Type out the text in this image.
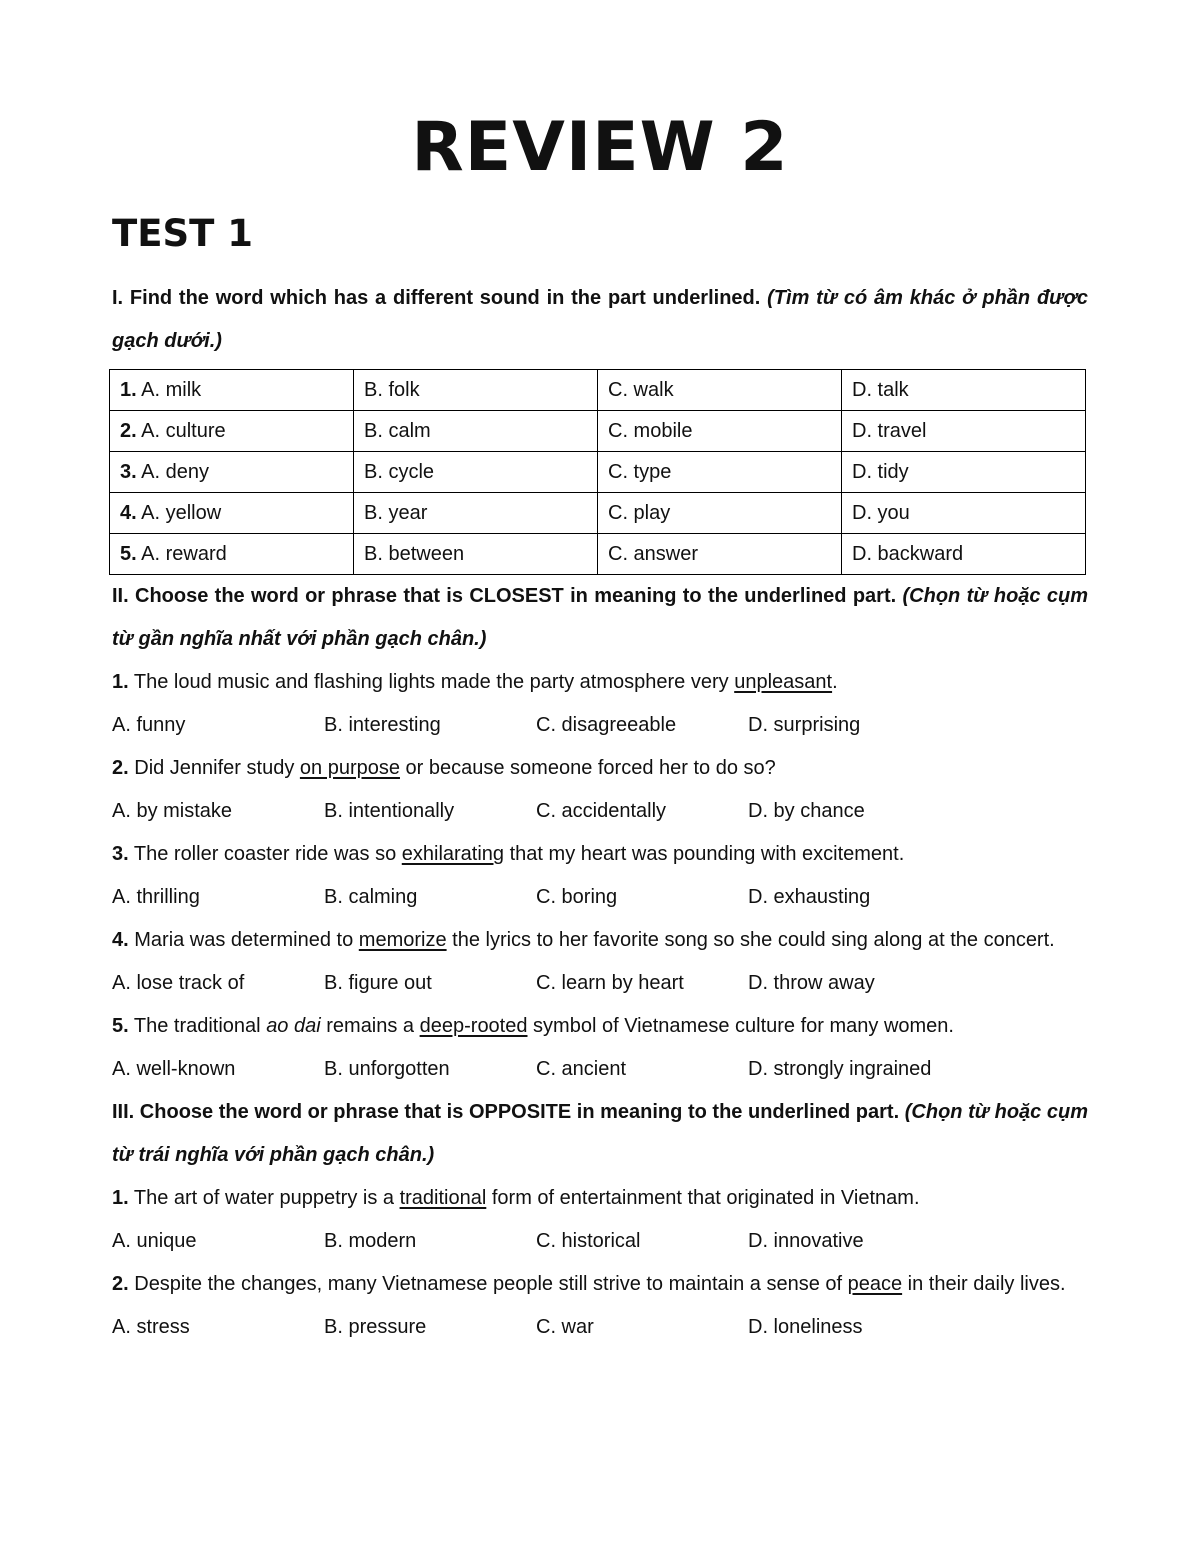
REVIEW 2
TEST 1
I. Find the word which has a different sound in the part underlined. (Tìm từ có âm khác ở phần được gạch dưới.)
1. A. milk	B. folk	C. walk	D. talk
2. A. culture	B. calm	C. mobile	D. travel
3. A. deny	B. cycle	C. type	D. tidy
4. A. yellow	B. year	C. play	D. you
5. A. reward	B. between	C. answer	D. backward
II. Choose the word or phrase that is CLOSEST in meaning to the underlined part. (Chọn từ hoặc cụm từ gần nghĩa nhất với phần gạch chân.)
1. The loud music and flashing lights made the party atmosphere very unpleasant.
A. funny	B. interesting	C. disagreeable	D. surprising
2. Did Jennifer study on purpose or because someone forced her to do so?
A. by mistake	B. intentionally	C. accidentally	D. by chance
3. The roller coaster ride was so exhilarating that my heart was pounding with excitement.
A. thrilling	B. calming	C. boring	D. exhausting
4. Maria was determined to memorize the lyrics to her favorite song so she could sing along at the concert.
A. lose track of	B. figure out	C. learn by heart	D. throw away
5. The traditional ao dai remains a deep-rooted symbol of Vietnamese culture for many women.
A. well-known	B. unforgotten	C. ancient	D. strongly ingrained
III. Choose the word or phrase that is OPPOSITE in meaning to the underlined part. (Chọn từ hoặc cụm từ trái nghĩa với phần gạch chân.)
1. The art of water puppetry is a traditional form of entertainment that originated in Vietnam.
A. unique	B. modern	C. historical	D. innovative
2. Despite the changes, many Vietnamese people still strive to maintain a sense of peace in their daily lives.
A. stress	B. pressure	C. war	D. loneliness
